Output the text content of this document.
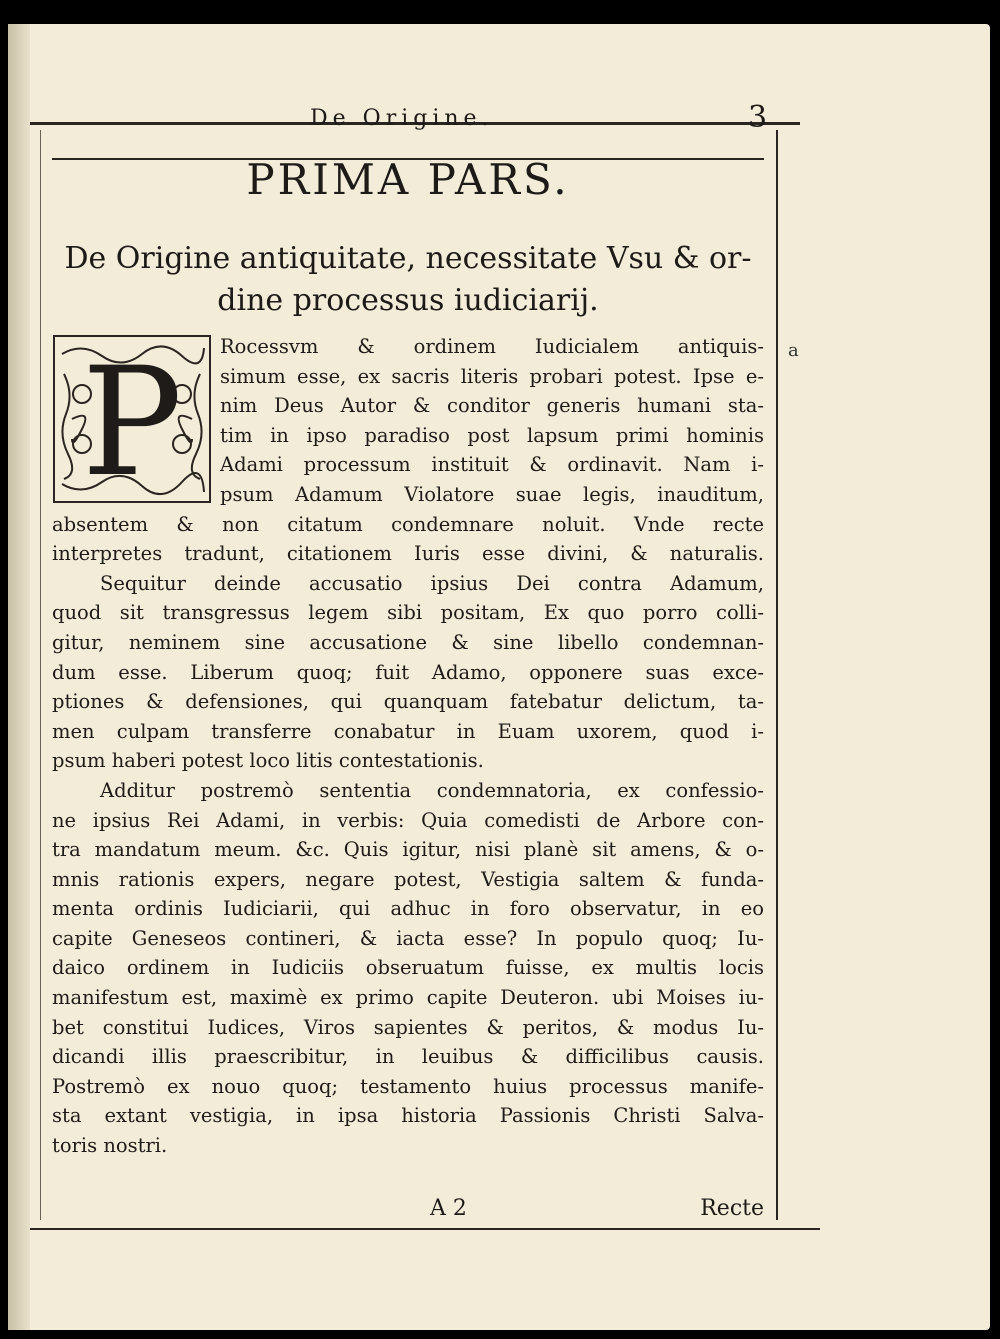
De Origine.	3
PRIMA PARS.
De Origine antiquitate, necessitate Vsu & or-
dine processus iudiciarij.
a
P Rocessvm & ordinem Iudicialem antiquis-
simum esse, ex sacris literis probari potest. Ipse e-
nim Deus Autor & conditor generis humani sta-
tim in ipso paradiso post lapsum primi hominis
Adami processum instituit & ordinavit. Nam i-
psum Adamum Violatore suae legis, inauditum,
absentem & non citatum condemnare noluit. Vnde recte
interpretes tradunt, citationem Iuris esse divini, & naturalis.
Sequitur deinde accusatio ipsius Dei contra Adamum,
quod sit transgressus legem sibi positam, Ex quo porro colli-
gitur, neminem sine accusatione & sine libello condemnan-
dum esse. Liberum quoq; fuit Adamo, opponere suas exce-
ptiones & defensiones, qui quanquam fatebatur delictum, ta-
men culpam transferre conabatur in Euam uxorem, quod i-
psum haberi potest loco litis contestationis.
Additur postremò sententia condemnatoria, ex confessio-
ne ipsius Rei Adami, in verbis: Quia comedisti de Arbore con-
tra mandatum meum. &c. Quis igitur, nisi planè sit amens, & o-
mnis rationis expers, negare potest, Vestigia saltem & funda-
menta ordinis Iudiciarii, qui adhuc in foro observatur, in eo
capite Geneseos contineri, & iacta esse? In populo quoq; Iu-
daico ordinem in Iudiciis obseruatum fuisse, ex multis locis
manifestum est, maximè ex primo capite Deuteron. ubi Moises iu-
bet constitui Iudices, Viros sapientes & peritos, & modus Iu-
dicandi illis praescribitur, in leuibus & difficilibus causis.
Postremò ex nouo quoq; testamento huius processus manife-
sta extant vestigia, in ipsa historia Passionis Christi Salva-
toris nostri.
A 2	Recte
